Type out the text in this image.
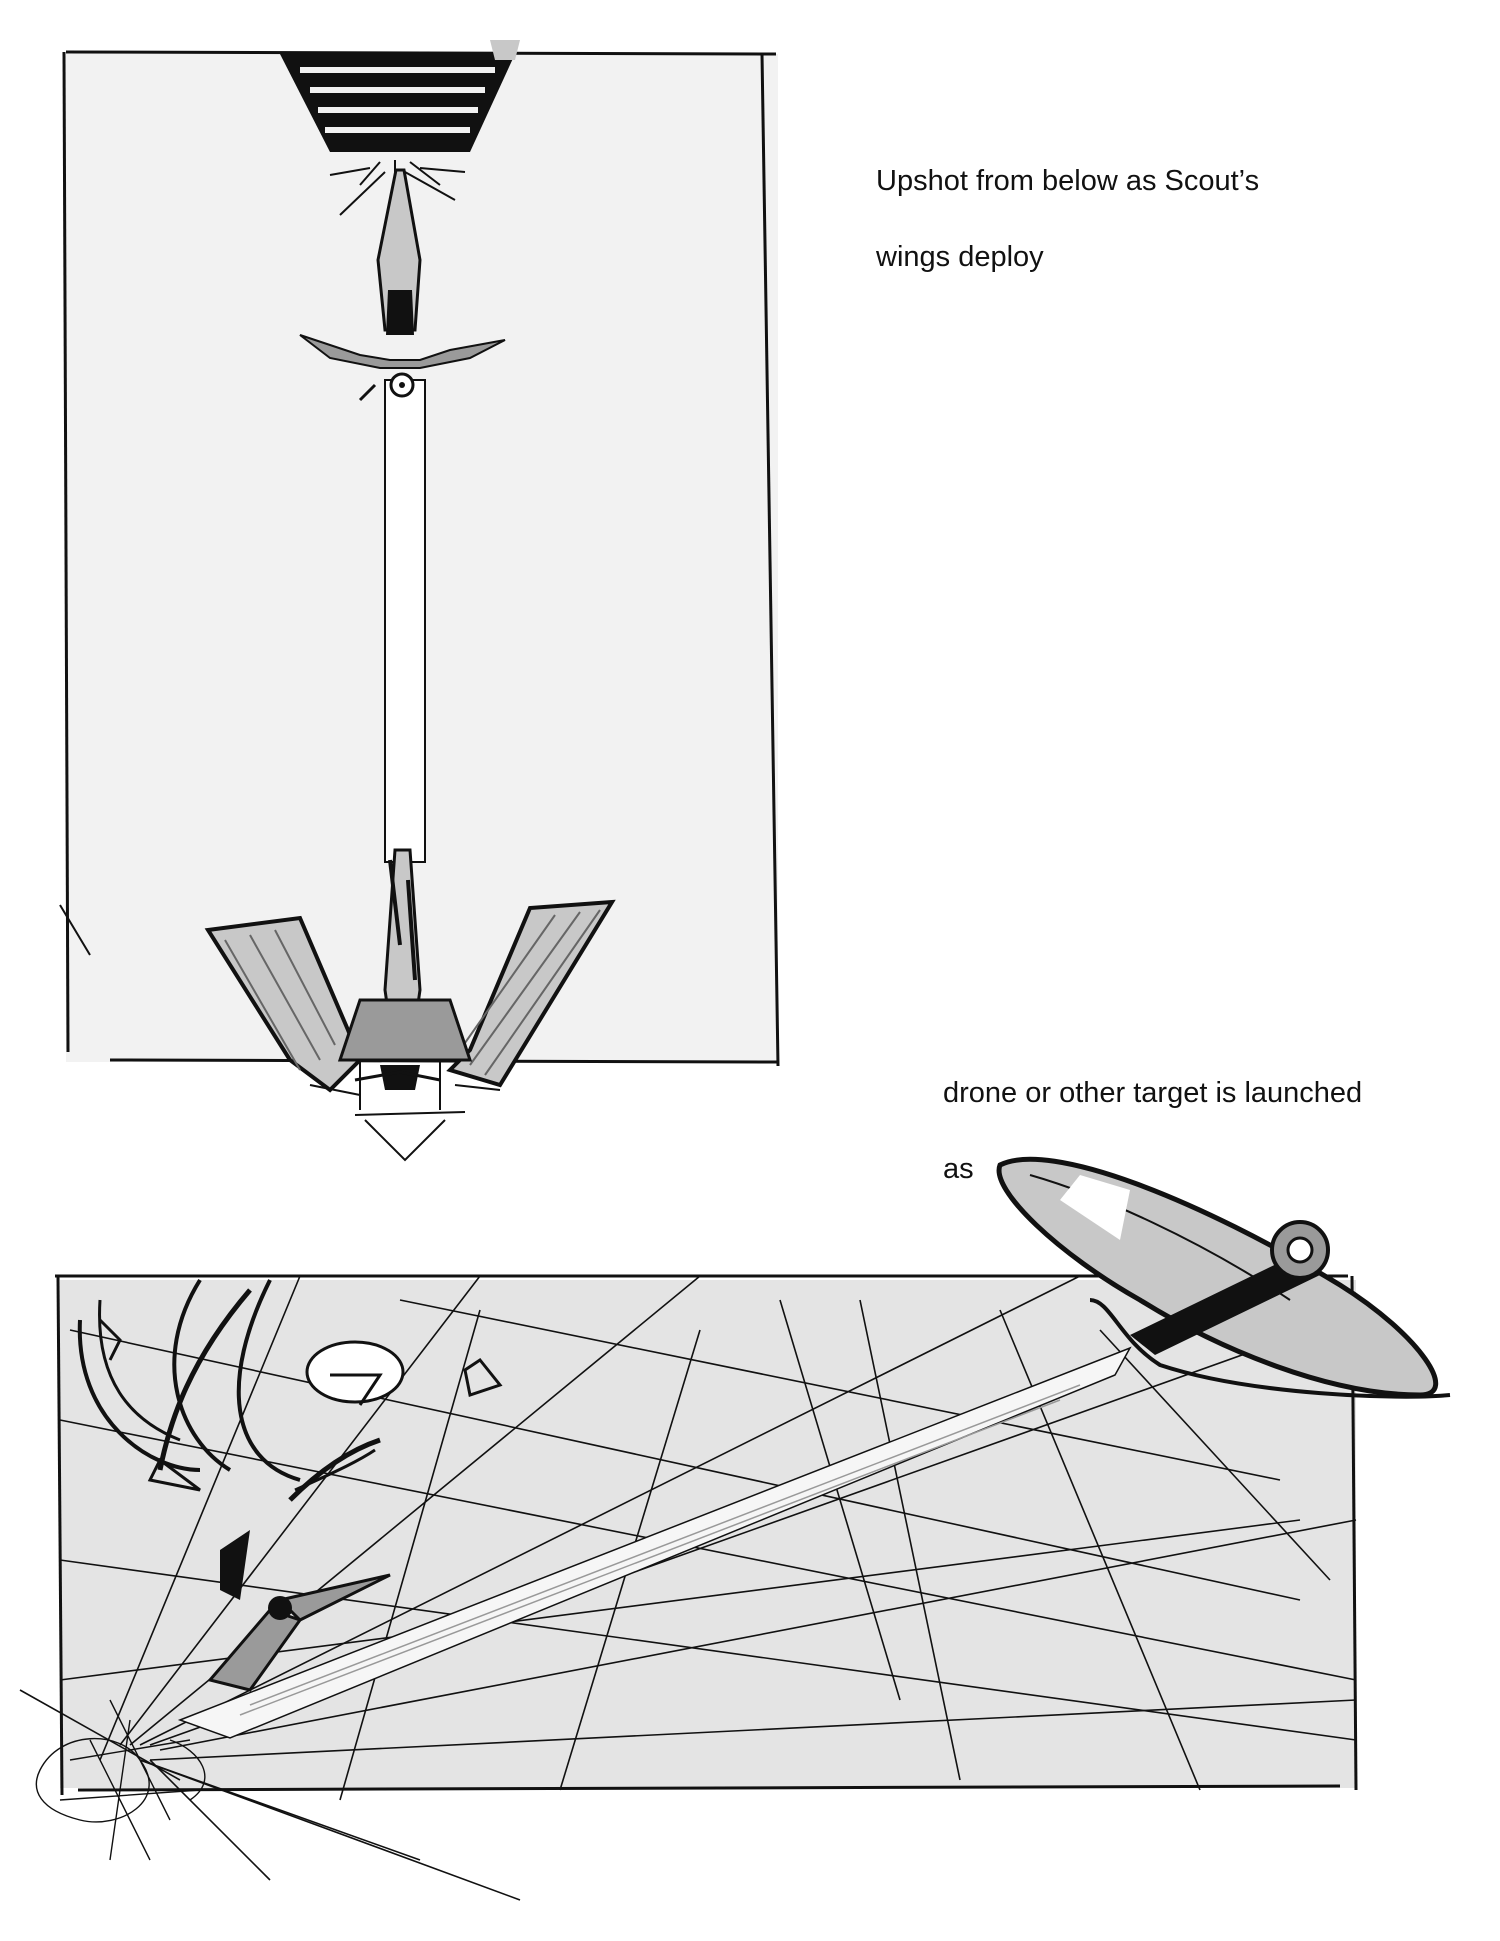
Upshot from below as Scout’s

wings deploy

drone or other target is launched

as
